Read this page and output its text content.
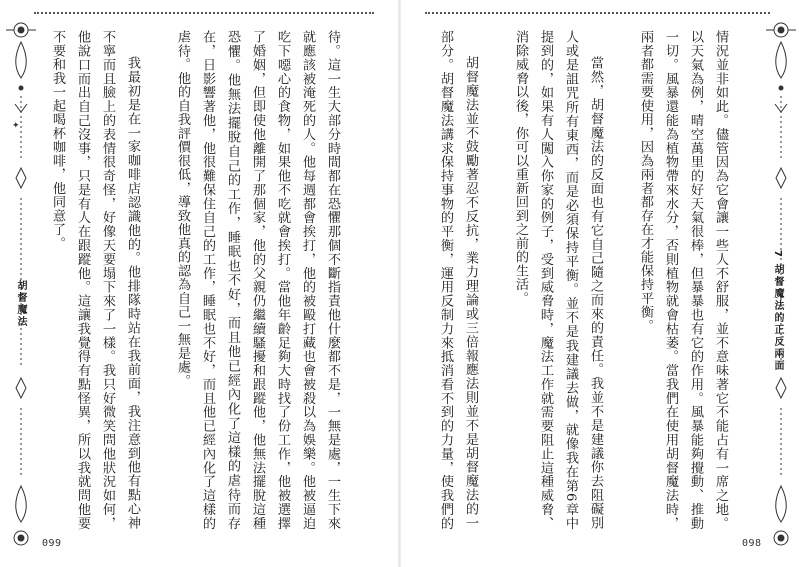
✦
7 胡督魔法的正反兩面

情況並非如此。儘管因為它會讓一些人不舒服，並不意味著它不能占有一席之地。以天氣為例，晴空萬里的好天氣很棒，但暴暴也有它的作用。風暴能夠攪動、推動一切。風暴還能為植物帶來水分，否則植物就會枯萎。當我們在使用胡督魔法時，兩者都需要使用，因為兩者都存在才能保持平衡。

當然，胡督魔法的反面也有它自己隨之而來的責任。我並不是建議你去阻礙別人或是詛咒所有東西，而是必須保持平衡。並不是我建議去做，就像我在第6章中提到的，如果有人闖入你家的例子，受到威脅時，魔法工作就需要阻止這種威脅、消除威脅以後，你可以重新回到之前的生活。

胡督魔法並不鼓勵著忍不反抗，業力理論或三倍報應法則並不是胡督魔法的一部分。胡督魔法講求保持事物的平衡，運用反制力來抵消看不到的力量，使我們的

098
胡督魔法	待。這一生大部分時間都在恐懼那個不斷指責他什麼都不是，一無是處，一生下來就應該被淹死的人。他每週都會挨打，他的被毆打藏也會被殺以為娛樂。他被逼迫吃下噁心的食物，如果他不吃就會挨打。當他年齡足夠大時找了份工作，他被選擇了婚姻，但即使他離開了那個家，他的父親仍繼續騷擾和跟蹤他，他無法擺脫這種恐懼。他無法擺脫自己的工作，睡眠也不好，而且他已經內化了這樣的虐待而存在，日影響著他，他很難保住自己的工作，睡眠也不好，而且他已經內化了這樣的虐待。他的自我評價很低，導致他真的認為自己一無是處。

我最初是在一家咖啡店認識他的。他排隊時站在我前面，我注意到他有點心神不寧而且臉上的表情很奇怪，好像天要塌下來了一樣。我只好微笑問他狀況如何，他說口而出自己沒事，只是有人在跟蹤他。這讓我覺得有點怪異，所以我就問他要不要和我一起喝杯咖啡，他同意了。

099
